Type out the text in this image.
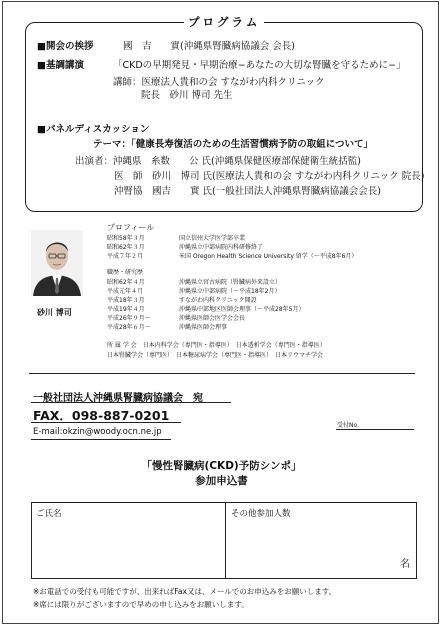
プログラム
■開会の挨拶	國　吉　　實(沖縄県腎臓病協議会 会長)
■基調講演	「CKDの早期発見・早期治療−あなたの大切な腎臓を守るために−」
講師：医療法人貴和の会 すながわ内科クリニック
院長　砂川 博司 先生
■パネルディスカッション
テーマ：「健康長寿復活のための生活習慣病予防の取組について」
出演者：沖縄県　糸数　　公 氏(沖縄県保健医療部保健衛生統括監)
医　師　砂川　博司 氏(医療法人貴和の会 すながわ内科クリニック 院長)
沖腎協　國吉　　實 氏(一般社団法人沖縄県腎臓病協議会会長)
砂川 博司
プロフィール
昭和58年３月	国立信州大学医学部卒業
昭和62年３月	沖縄県立中部病院内科研修終了
平成７年２月	米国 Oregon Health Science University 留学（〜平成8年6月）
職歴・研究歴
昭和62年４月	沖縄県立宮古病院（腎臓病外来設立）
平成元年４月	沖縄県立中部病院（〜平成18年2月）
平成18年３月	すながわ内科クリニック開設
平成19年４月	沖縄県中部地区医師会理事（〜平成28年5月）
平成26年９月〜	沖縄県医師会医学会会長
平成28年６月〜	沖縄県医師会理事
所 属 学 会　日本内科学会（専門医・指導医）　日本透析学会（専門医・指導医）
日本腎臓学会（専門医）　日本糖尿病学会（専門医・指導医）　日本リウマチ学会
一般社団法人沖縄県腎臓病協議会　宛
FAX．098-887-0201
E-mail:okzin@woody.ocn.ne.jp
受付No.
「慢性腎臓病(CKD)予防シンポ」
参加申込書
ご氏名	その他参加人数
名
※お電話での受付も可能ですが、出来ればFax又は、メールでのお申込みをお願いします。
※席には限りがございますので早めの申し込みをお願いします。
